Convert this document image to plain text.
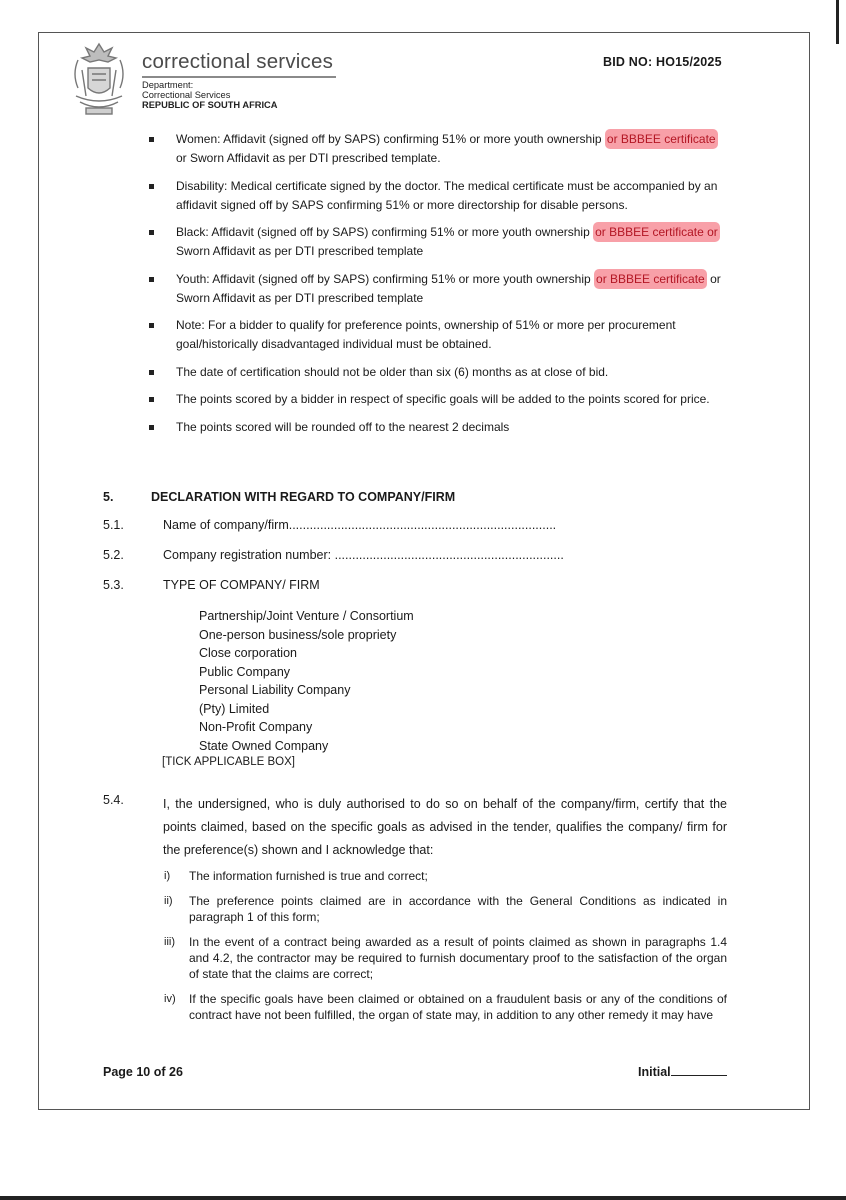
correctional services
Department:
Correctional Services
REPUBLIC OF SOUTH AFRICA
BID NO: HO15/2025
Women: Affidavit (signed off by SAPS) confirming 51% or more youth ownership or BBBEE certificate or Sworn Affidavit as per DTI prescribed template.
Disability: Medical certificate signed by the doctor. The medical certificate must be accompanied by an affidavit signed off by SAPS confirming 51% or more directorship for disable persons.
Black: Affidavit (signed off by SAPS) confirming 51% or more youth ownership or BBBEE certificate or Sworn Affidavit as per DTI prescribed template
Youth: Affidavit (signed off by SAPS) confirming 51% or more youth ownership or BBBEE certificate or Sworn Affidavit as per DTI prescribed template
Note: For a bidder to qualify for preference points, ownership of 51% or more per procurement goal/historically disadvantaged individual must be obtained.
The date of certification should not be older than six (6) months as at close of bid.
The points scored by a bidder in respect of specific goals will be added to the points scored for price.
The points scored will be rounded off to the nearest 2 decimals
5.	DECLARATION WITH REGARD TO COMPANY/FIRM
5.1.	Name of company/firm.............................................................................
5.2.	Company registration number: ..................................................................
5.3.	TYPE OF COMPANY/ FIRM
Partnership/Joint Venture / Consortium
One-person business/sole propriety
Close corporation
Public Company
Personal Liability Company
(Pty) Limited
Non-Profit Company
State Owned Company
[TICK APPLICABLE BOX]
5.4.	I, the undersigned, who is duly authorised to do so on behalf of the company/firm, certify that the points claimed, based on the specific goals as advised in the tender, qualifies the company/ firm for the preference(s) shown and I acknowledge that:
i) The information furnished is true and correct;
ii) The preference points claimed are in accordance with the General Conditions as indicated in paragraph 1 of this form;
iii) In the event of a contract being awarded as a result of points claimed as shown in paragraphs 1.4 and 4.2, the contractor may be required to furnish documentary proof to the satisfaction of the organ of state that the claims are correct;
iv) If the specific goals have been claimed or obtained on a fraudulent basis or any of the conditions of contract have not been fulfilled, the organ of state may, in addition to any other remedy it may have
Page 10 of 26	Initial
